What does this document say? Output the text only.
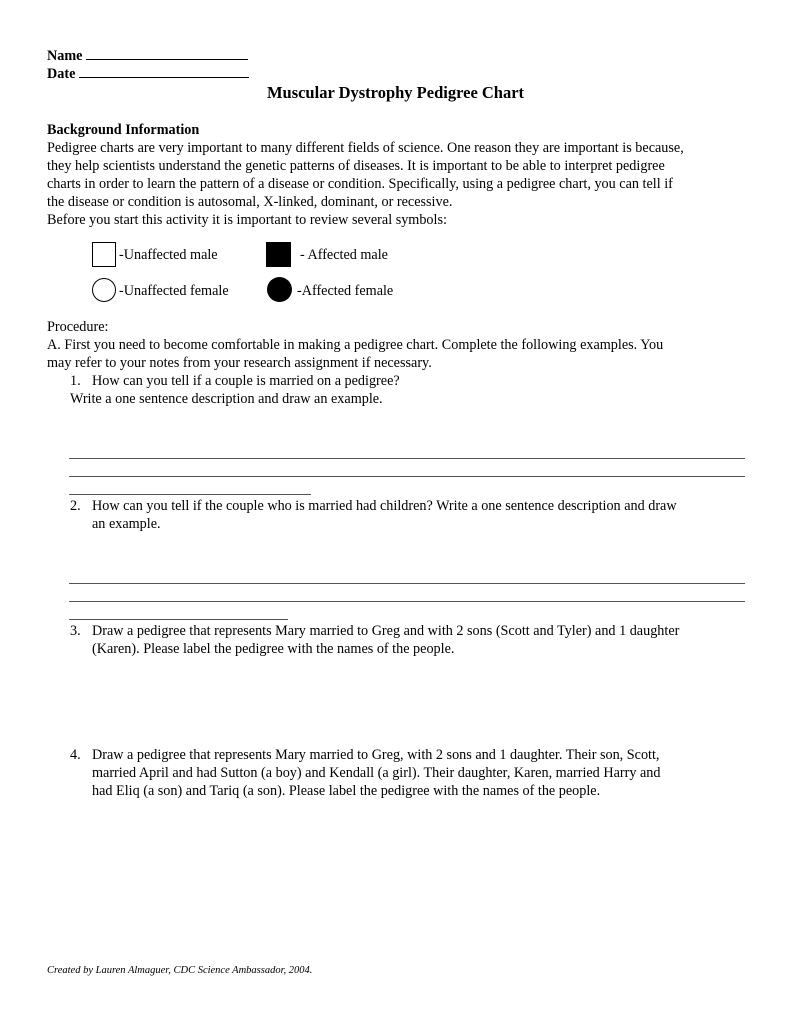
Name
Date
Muscular Dystrophy Pedigree Chart
Background Information
Pedigree charts are very important to many different fields of science. One reason they are important is because,
they help scientists understand the genetic patterns of diseases. It is important to be able to interpret pedigree
charts in order to learn the pattern of a disease or condition. Specifically, using a pedigree chart, you can tell if
the disease or condition is autosomal, X-linked, dominant, or recessive.
Before you start this activity it is important to review several symbols:
-Unaffected male	- Affected male
-Unaffected female	-Affected female
Procedure:
A. First you need to become comfortable in making a pedigree chart. Complete the following examples. You
may refer to your notes from your research assignment if necessary.
1. How can you tell if a couple is married on a pedigree?
Write a one sentence description and draw an example.
2. How can you tell if the couple who is married had children? Write a one sentence description and draw
an example.
3. Draw a pedigree that represents Mary married to Greg and with 2 sons (Scott and Tyler) and 1 daughter
(Karen). Please label the pedigree with the names of the people.
4. Draw a pedigree that represents Mary married to Greg, with 2 sons and 1 daughter. Their son, Scott,
married April and had Sutton (a boy) and Kendall (a girl). Their daughter, Karen, married Harry and
had Eliq (a son) and Tariq (a son). Please label the pedigree with the names of the people.
Created by Lauren Almaguer, CDC Science Ambassador, 2004.
